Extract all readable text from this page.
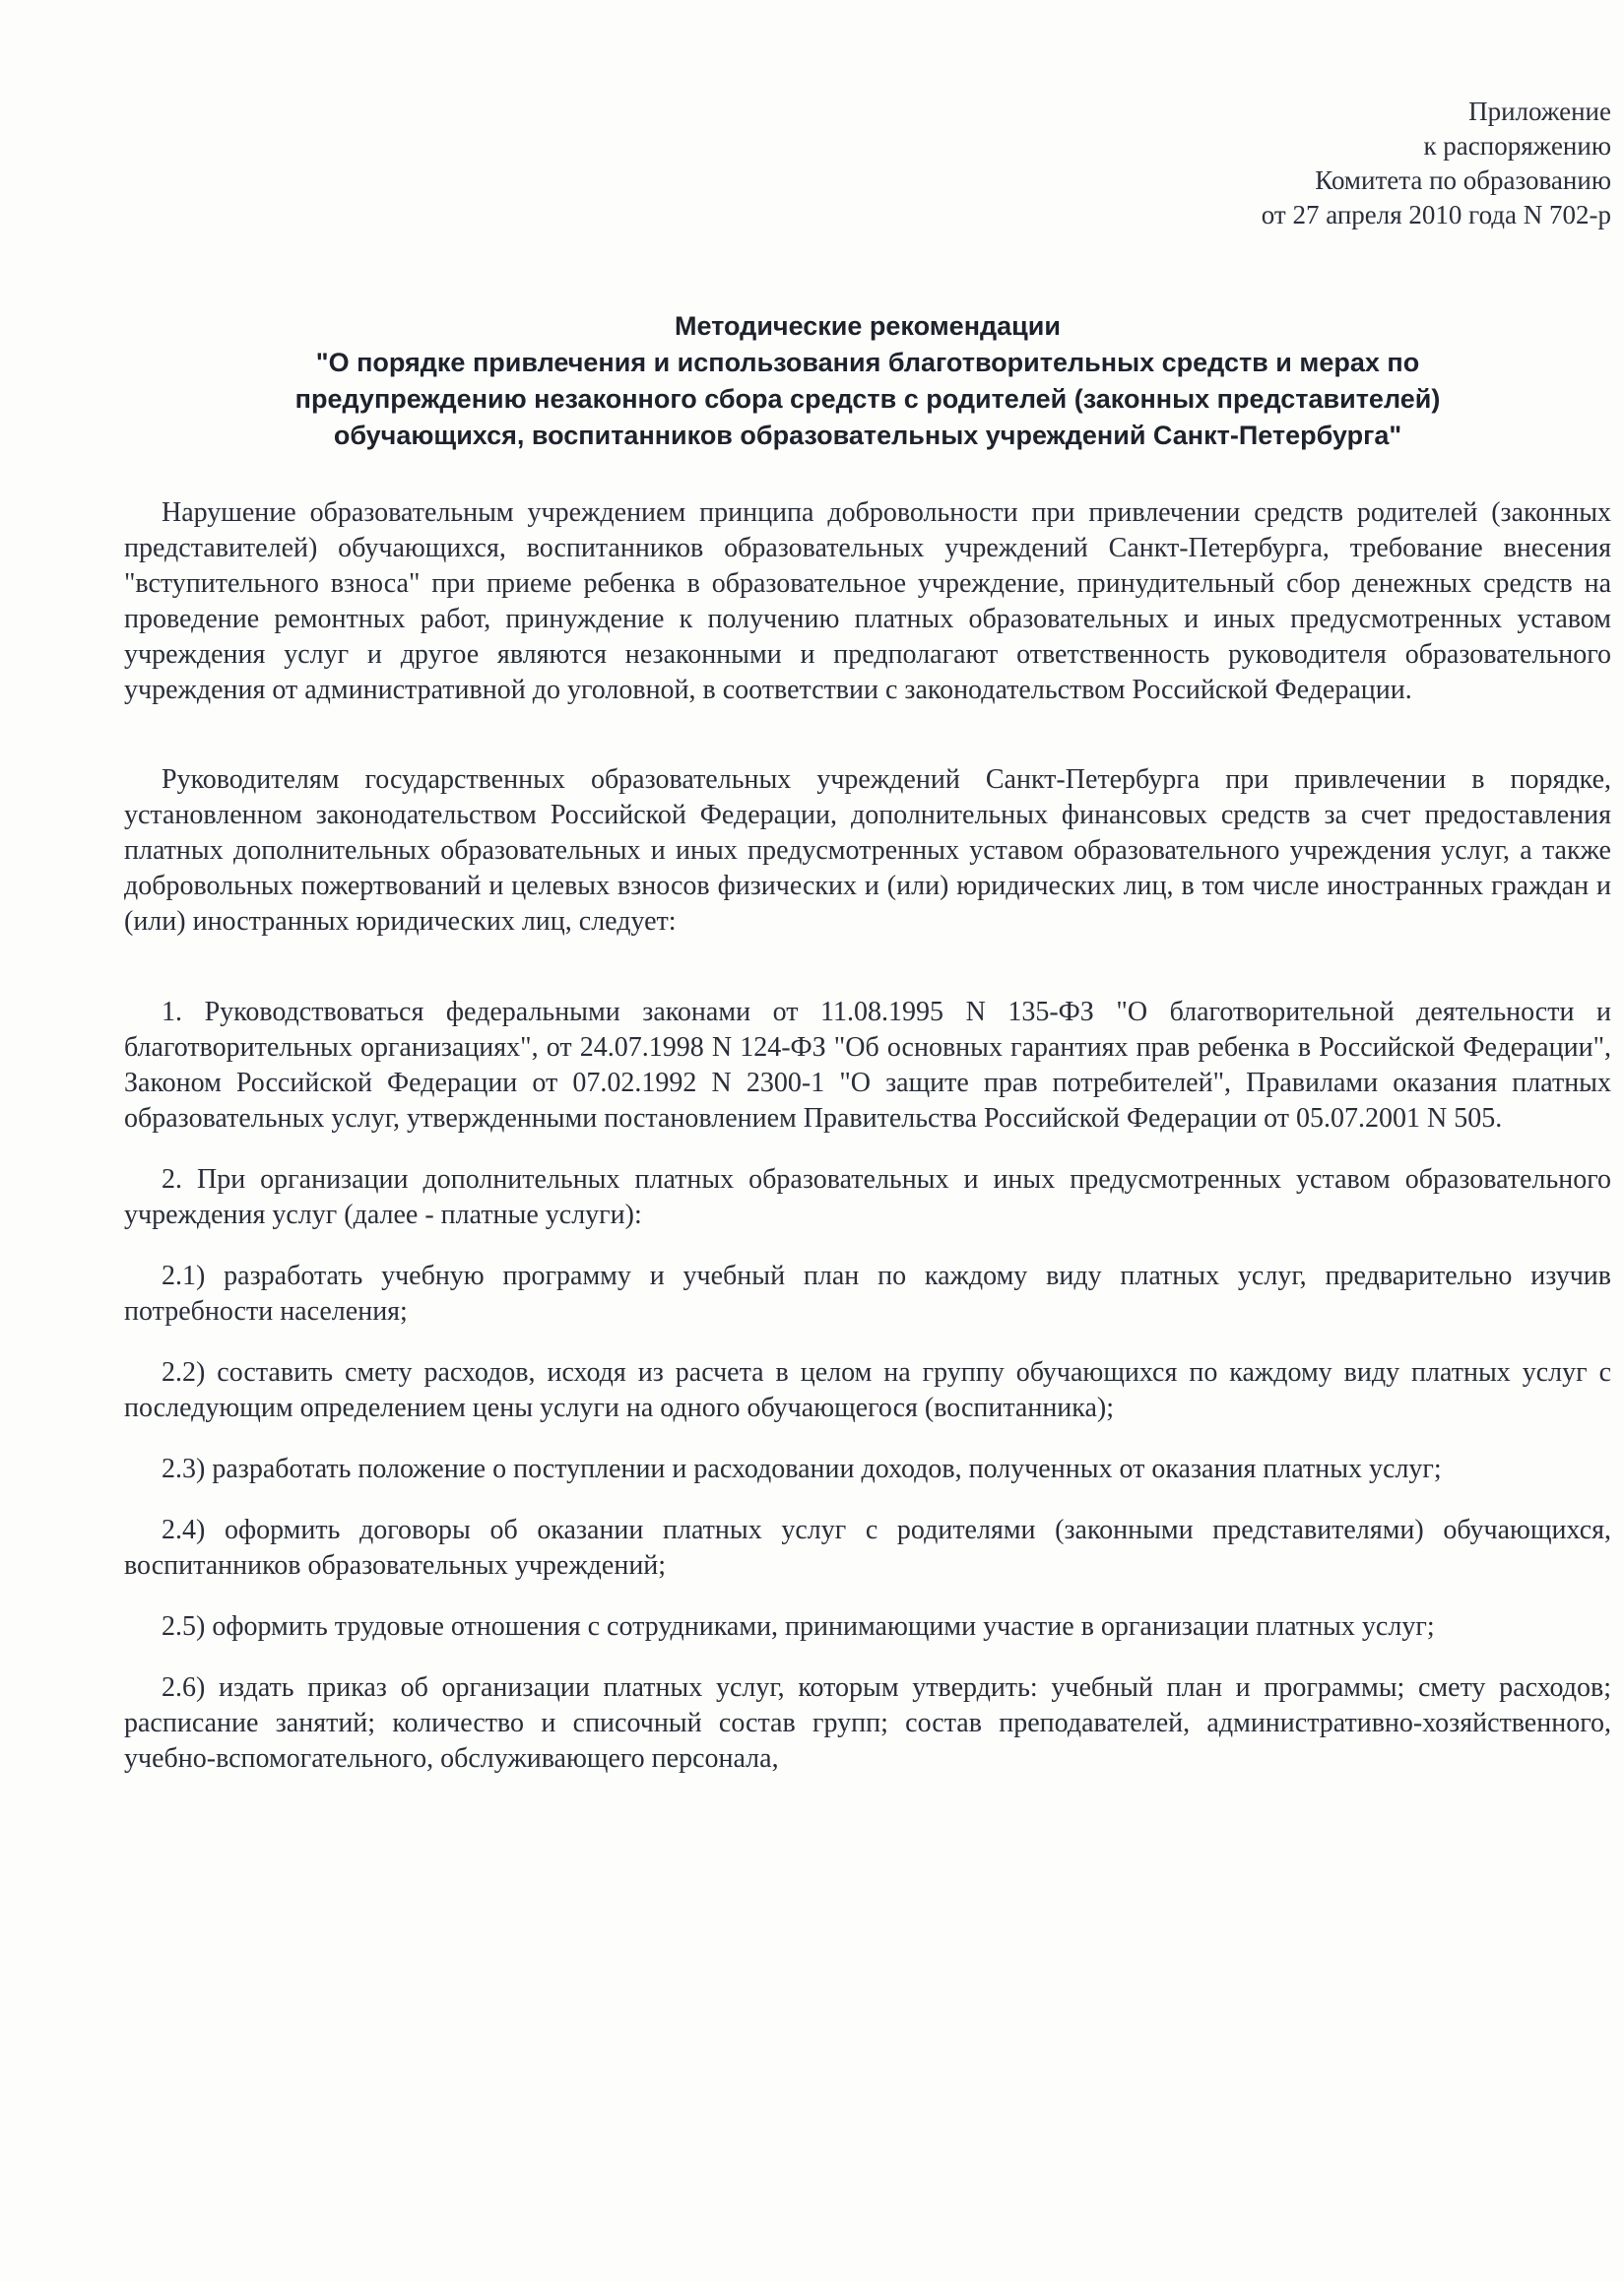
Приложение
к распоряжению
Комитета по образованию
от 27 апреля 2010 года N 702-р
Методические рекомендации
"О порядке привлечения и использования благотворительных средств и мерах по
предупреждению незаконного сбора средств с родителей (законных представителей)
обучающихся, воспитанников образовательных учреждений Санкт-Петербурга"

Нарушение образовательным учреждением принципа добровольности при привлечении средств родителей (законных представителей) обучающихся, воспитанников образовательных учреждений Санкт-Петербурга, требование внесения "вступительного взноса" при приеме ребенка в образовательное учреждение, принудительный сбор денежных средств на проведение ремонтных работ, принуждение к получению платных образовательных и иных предусмотренных уставом учреждения услуг и другое являются незаконными и предполагают ответственность руководителя образовательного учреждения от административной до уголовной, в соответствии с законодательством Российской Федерации.

Руководителям государственных образовательных учреждений Санкт-Петербурга при привлечении в порядке, установленном законодательством Российской Федерации, дополнительных финансовых средств за счет предоставления платных дополнительных образовательных и иных предусмотренных уставом образовательного учреждения услуг, а также добровольных пожертвований и целевых взносов физических и (или) юридических лиц, в том числе иностранных граждан и (или) иностранных юридических лиц, следует:

1. Руководствоваться федеральными законами от 11.08.1995 N 135-ФЗ "О благотворительной деятельности и благотворительных организациях", от 24.07.1998 N 124-ФЗ "Об основных гарантиях прав ребенка в Российской Федерации", Законом Российской Федерации от 07.02.1992 N 2300-1 "О защите прав потребителей", Правилами оказания платных образовательных услуг, утвержденными постановлением Правительства Российской Федерации от 05.07.2001 N 505.

2. При организации дополнительных платных образовательных и иных предусмотренных уставом образовательного учреждения услуг (далее - платные услуги):

2.1) разработать учебную программу и учебный план по каждому виду платных услуг, предварительно изучив потребности населения;

2.2) составить смету расходов, исходя из расчета в целом на группу обучающихся по каждому виду платных услуг с последующим определением цены услуги на одного обучающегося (воспитанника);

2.3) разработать положение о поступлении и расходовании доходов, полученных от оказания платных услуг;

2.4) оформить договоры об оказании платных услуг с родителями (законными представителями) обучающихся, воспитанников образовательных учреждений;

2.5) оформить трудовые отношения с сотрудниками, принимающими участие в организации платных услуг;

2.6) издать приказ об организации платных услуг, которым утвердить: учебный план и программы; смету расходов; расписание занятий; количество и списочный состав групп; состав преподавателей, административно-хозяйственного, учебно-вспомогательного, обслуживающего персонала,
